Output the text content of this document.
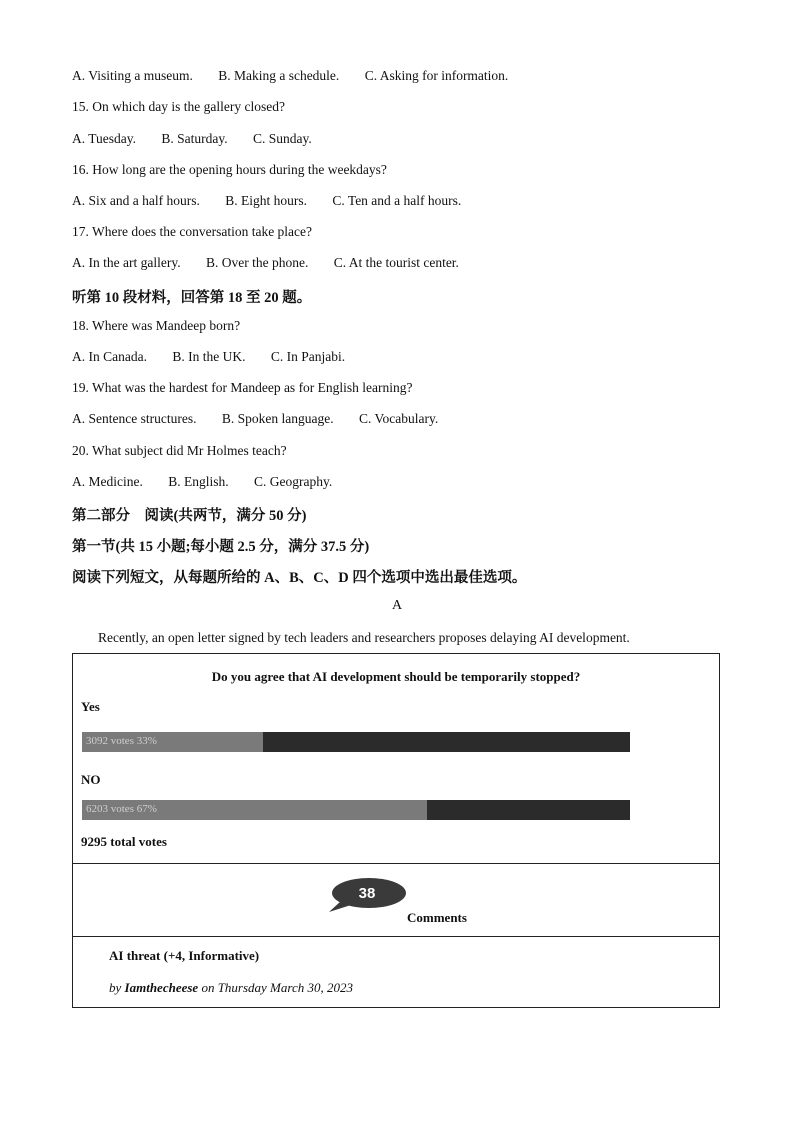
A. Visiting a museum. B. Making a schedule. C. Asking for information.
15. On which day is the gallery closed?
A. Tuesday. B. Saturday. C. Sunday.
16. How long are the opening hours during the weekdays?
A. Six and a half hours. B. Eight hours. C. Ten and a half hours.
17. Where does the conversation take place?
A. In the art gallery. B. Over the phone. C. At the tourist center.
听第 10 段材料，回答第 18 至 20 题。
18. Where was Mandeep born?
A. In Canada. B. In the UK. C. In Panjabi.
19. What was the hardest for Mandeep as for English learning?
A. Sentence structures. B. Spoken language. C. Vocabulary.
20. What subject did Mr Holmes teach?
A. Medicine. B. English. C. Geography.
第二部分　阅读(共两节，满分 50 分)
第一节(共 15 小题;每小题 2.5 分，满分 37.5 分)
阅读下列短文，从每题所给的 A、B、C、D 四个选项中选出最佳选项。
A
Recently, an open letter signed by tech leaders and researchers proposes delaying AI development.
Do you agree that AI development should be temporarily stopped?
Yes
3092 votes 33%
NO
6203 votes 67%
9295 total votes
38
Comments
AI threat (+4, Informative)
by Iamthecheese on Thursday March 30, 2023
